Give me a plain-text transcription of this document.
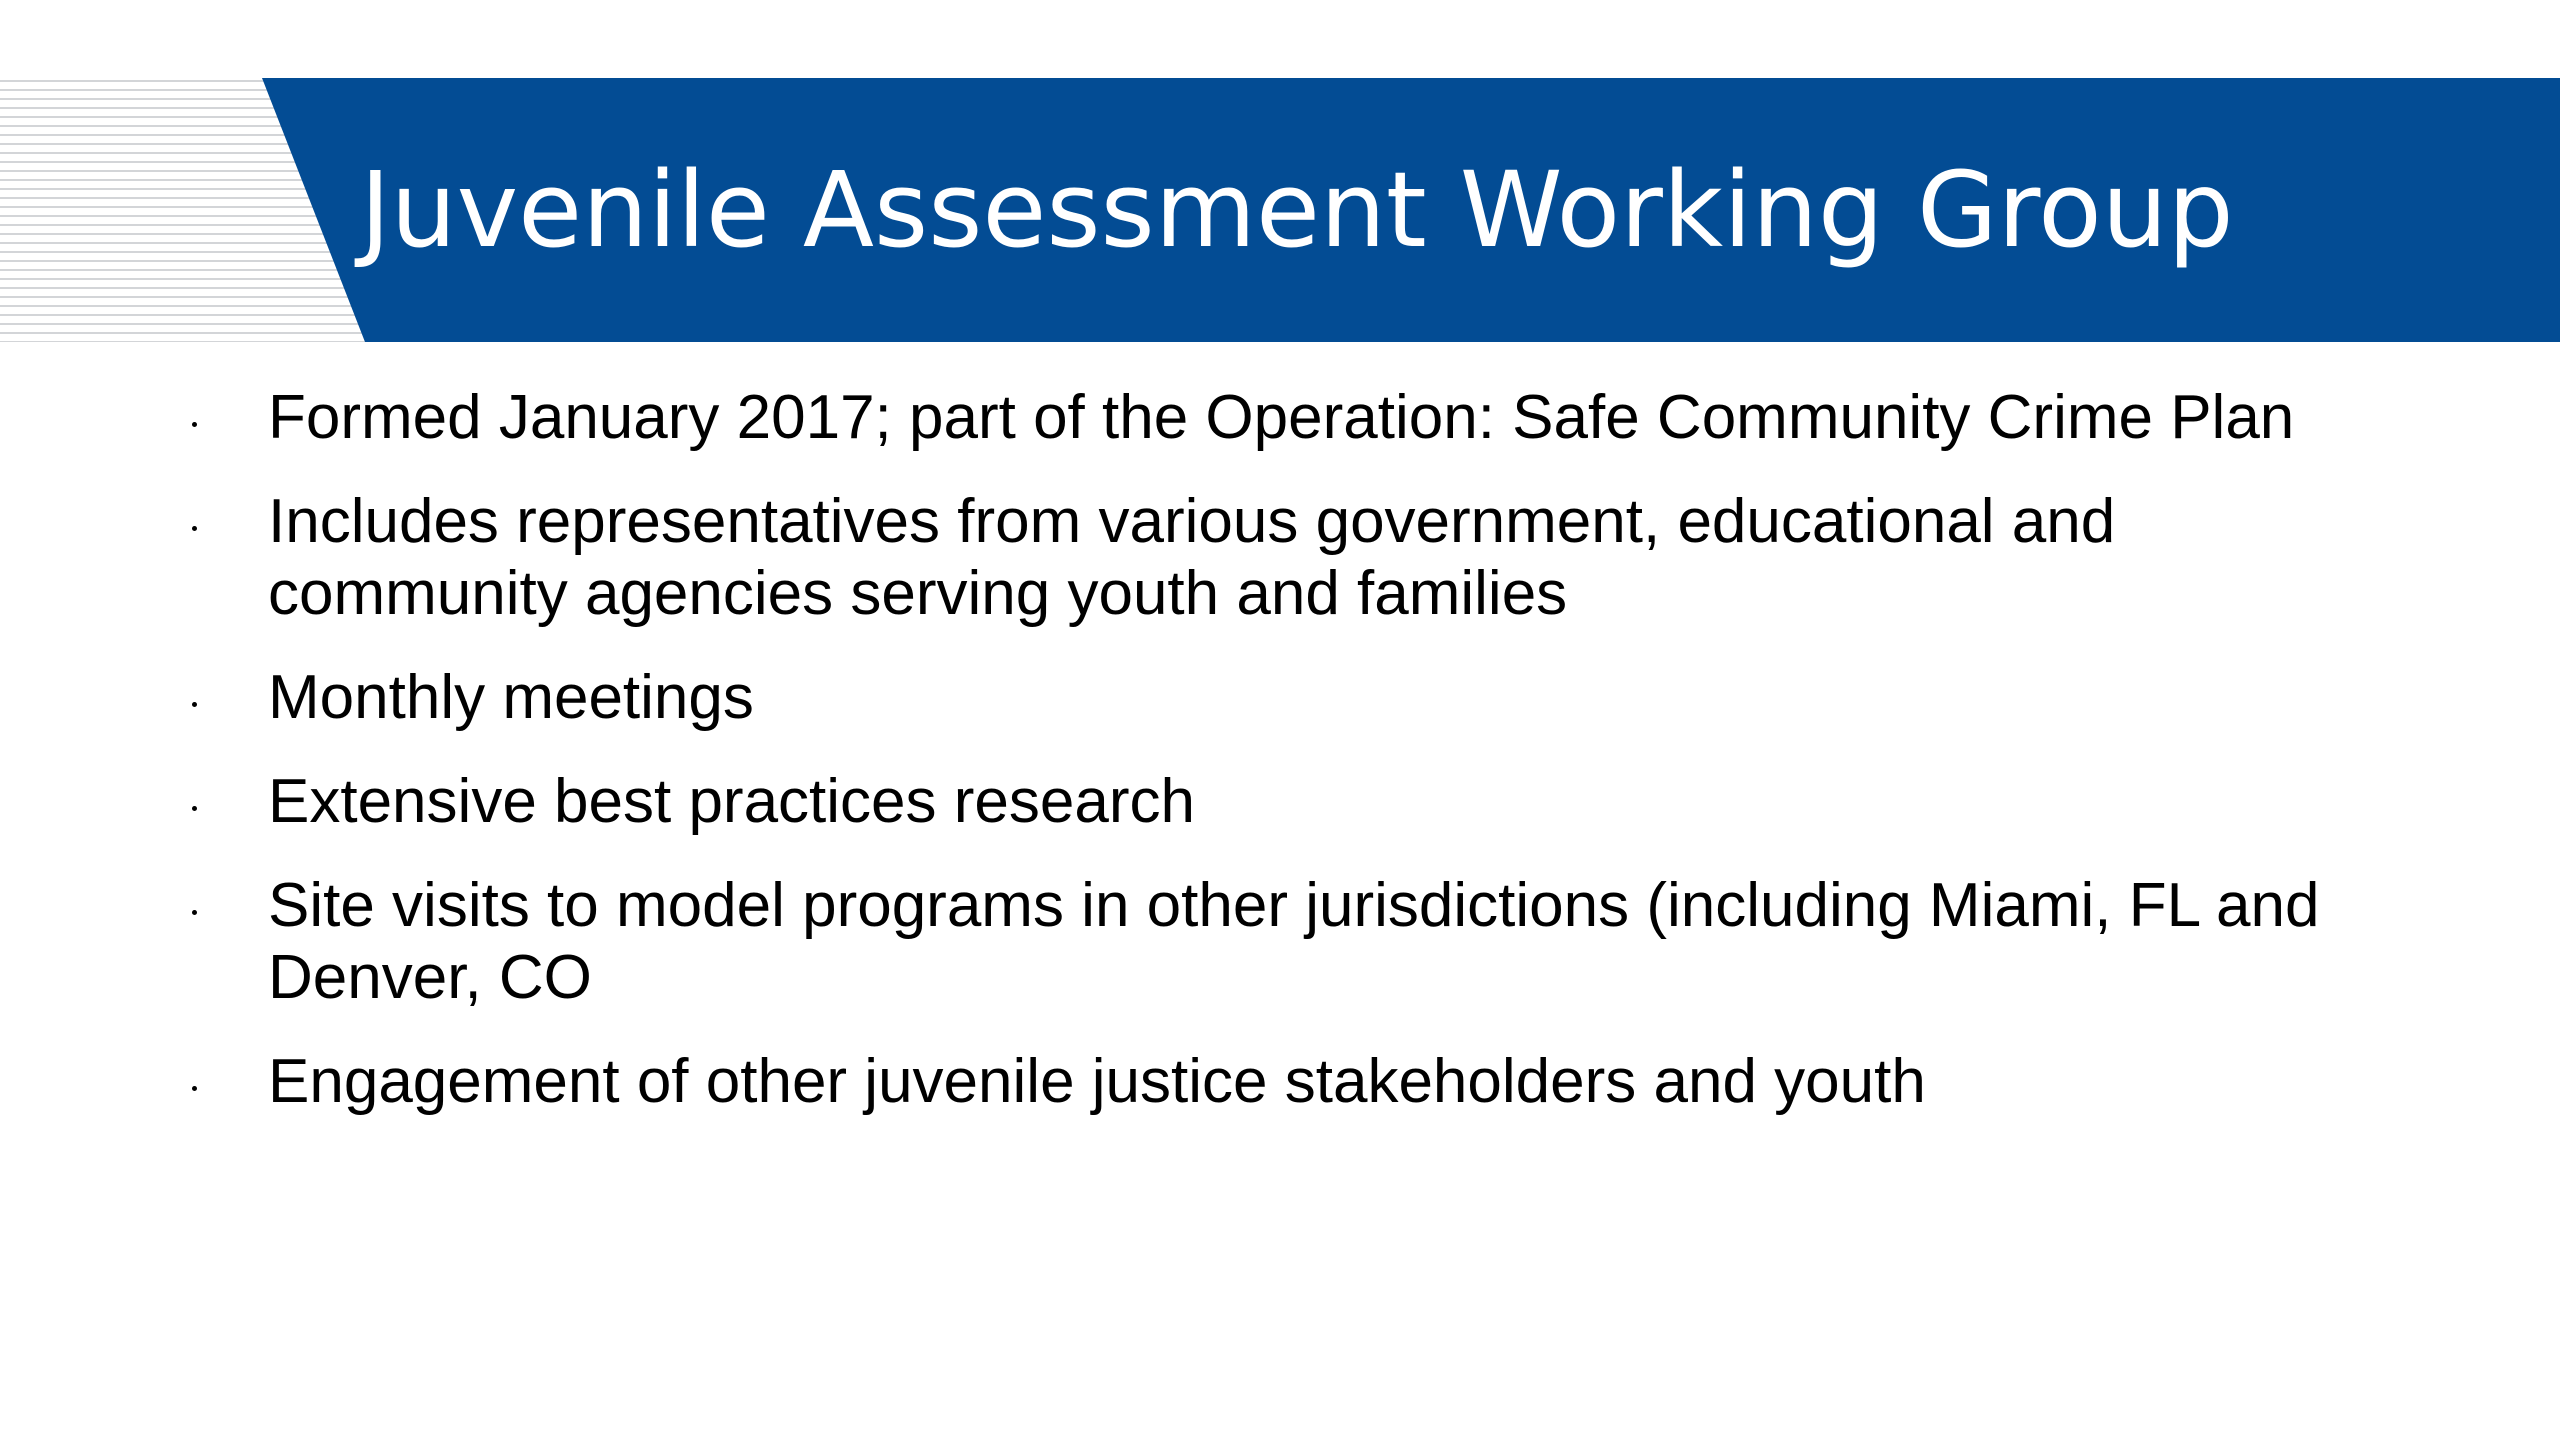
Juvenile Assessment Working Group
Formed January 2017; part of the Operation: Safe Community Crime Plan
Includes representatives from various government, educational and community agencies serving youth and families
Monthly meetings
Extensive best practices research
Site visits to model programs in other jurisdictions (including Miami, FL and Denver, CO
Engagement of other juvenile justice stakeholders and youth
